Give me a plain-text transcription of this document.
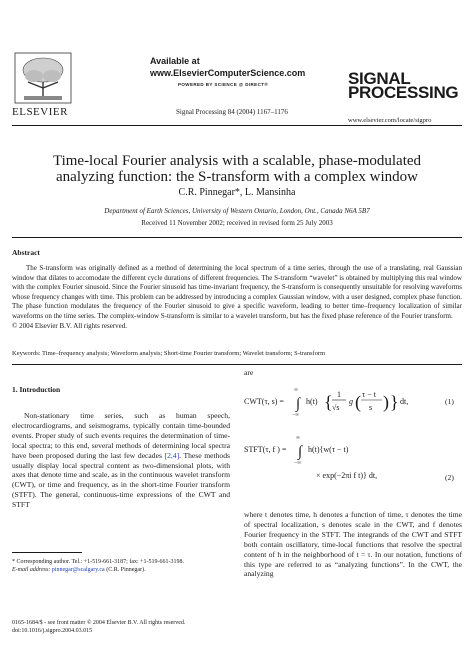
ELSEVIER
Available at
www.ElsevierComputerScience.com
POWERED BY SCIENCE @ DIRECT®
Signal Processing 84 (2004) 1167–1176
SIGNAL
PROCESSING
www.elsevier.com/locate/sigpro
Time-local Fourier analysis with a scalable, phase-modulated
analyzing function: the S-transform with a complex window
C.R. Pinnegar*, L. Mansinha
Department of Earth Sciences, University of Western Ontario, London, Ont., Canada N6A 5B7
Received 11 November 2002; received in revised form 25 July 2003
Abstract

The S-transform was originally defined as a method of determining the local spectrum of a time series, through the use of a translating, real Gaussian window that dilates to accomodate the different cycle durations of different frequencies. The S-transform “wavelet” is obtained by multiplying this real window with the complex Fourier sinusoid. Since the Fourier sinusoid has time-invariant frequency, the S-transform is consequently unsuitable for resolving waveforms whose frequency changes with time. This problem can be addressed by introducing a complex Gaussian window, with a user designed, complex phase function. The phase function modulates the frequency of the Fourier sinusoid to give a specific waveform, leading to better time–frequency localization of similar waveforms on the time series. The complex-window S-transform is similar to a wavelet transform, but has the fixed phase reference of the Fourier transform.

© 2004 Elsevier B.V. All rights reserved.

Keywords: Time–frequency analysis; Waveform analysis; Short-time Fourier transform; Wavelet transform; S-transform
1. Introduction
Non-stationary time series, such as human speech, electrocardiograms, and seismograms, typically contain time-bounded events. Proper study of such events requires the determination of time-local spectra; to this end, several methods of determining local spectra have been proposed during the last few decades [2,4]. These methods usually display local spectral content as two-dimensional plots, with axes that denote time and scale, as in the continuous wavelet transform (CWT), or time and frequency, as in the short-time Fourier transform (STFT). The general, continuous-time expressions of the CWT and STFT
* Corresponding author. Tel.: +1-519-661-3187; fax: +1-519-661-3198.
E-mail address: pinnegar@scalgary.ca (C.R. Pinnegar).
0165-1684/$ - see front matter © 2004 Elsevier B.V. All rights reserved.
doi:10.1016/j.sigpro.2004.03.015
are
CWT(τ, s) =
∞
∫
−∞
h(t) { 1
√s
g ( τ − t
s ) } dt,	(1)
STFT(τ, f ) =
∞
∫
−∞
h(t){w(τ − t)
× exp(−2πi f t)} dt,	(2)
where t denotes time, h denotes a function of time, τ denotes the time of spectral localization, s denotes scale in the CWT, and f denotes Fourier frequency in the STFT. The integrands of the CWT and STFT both contain oscillatory, time-local functions that resolve the spectral content of h in the neighborhood of t = τ. In our notation, functions of this type are referred to as “analyzing functions”. In the CWT, the analyzing
